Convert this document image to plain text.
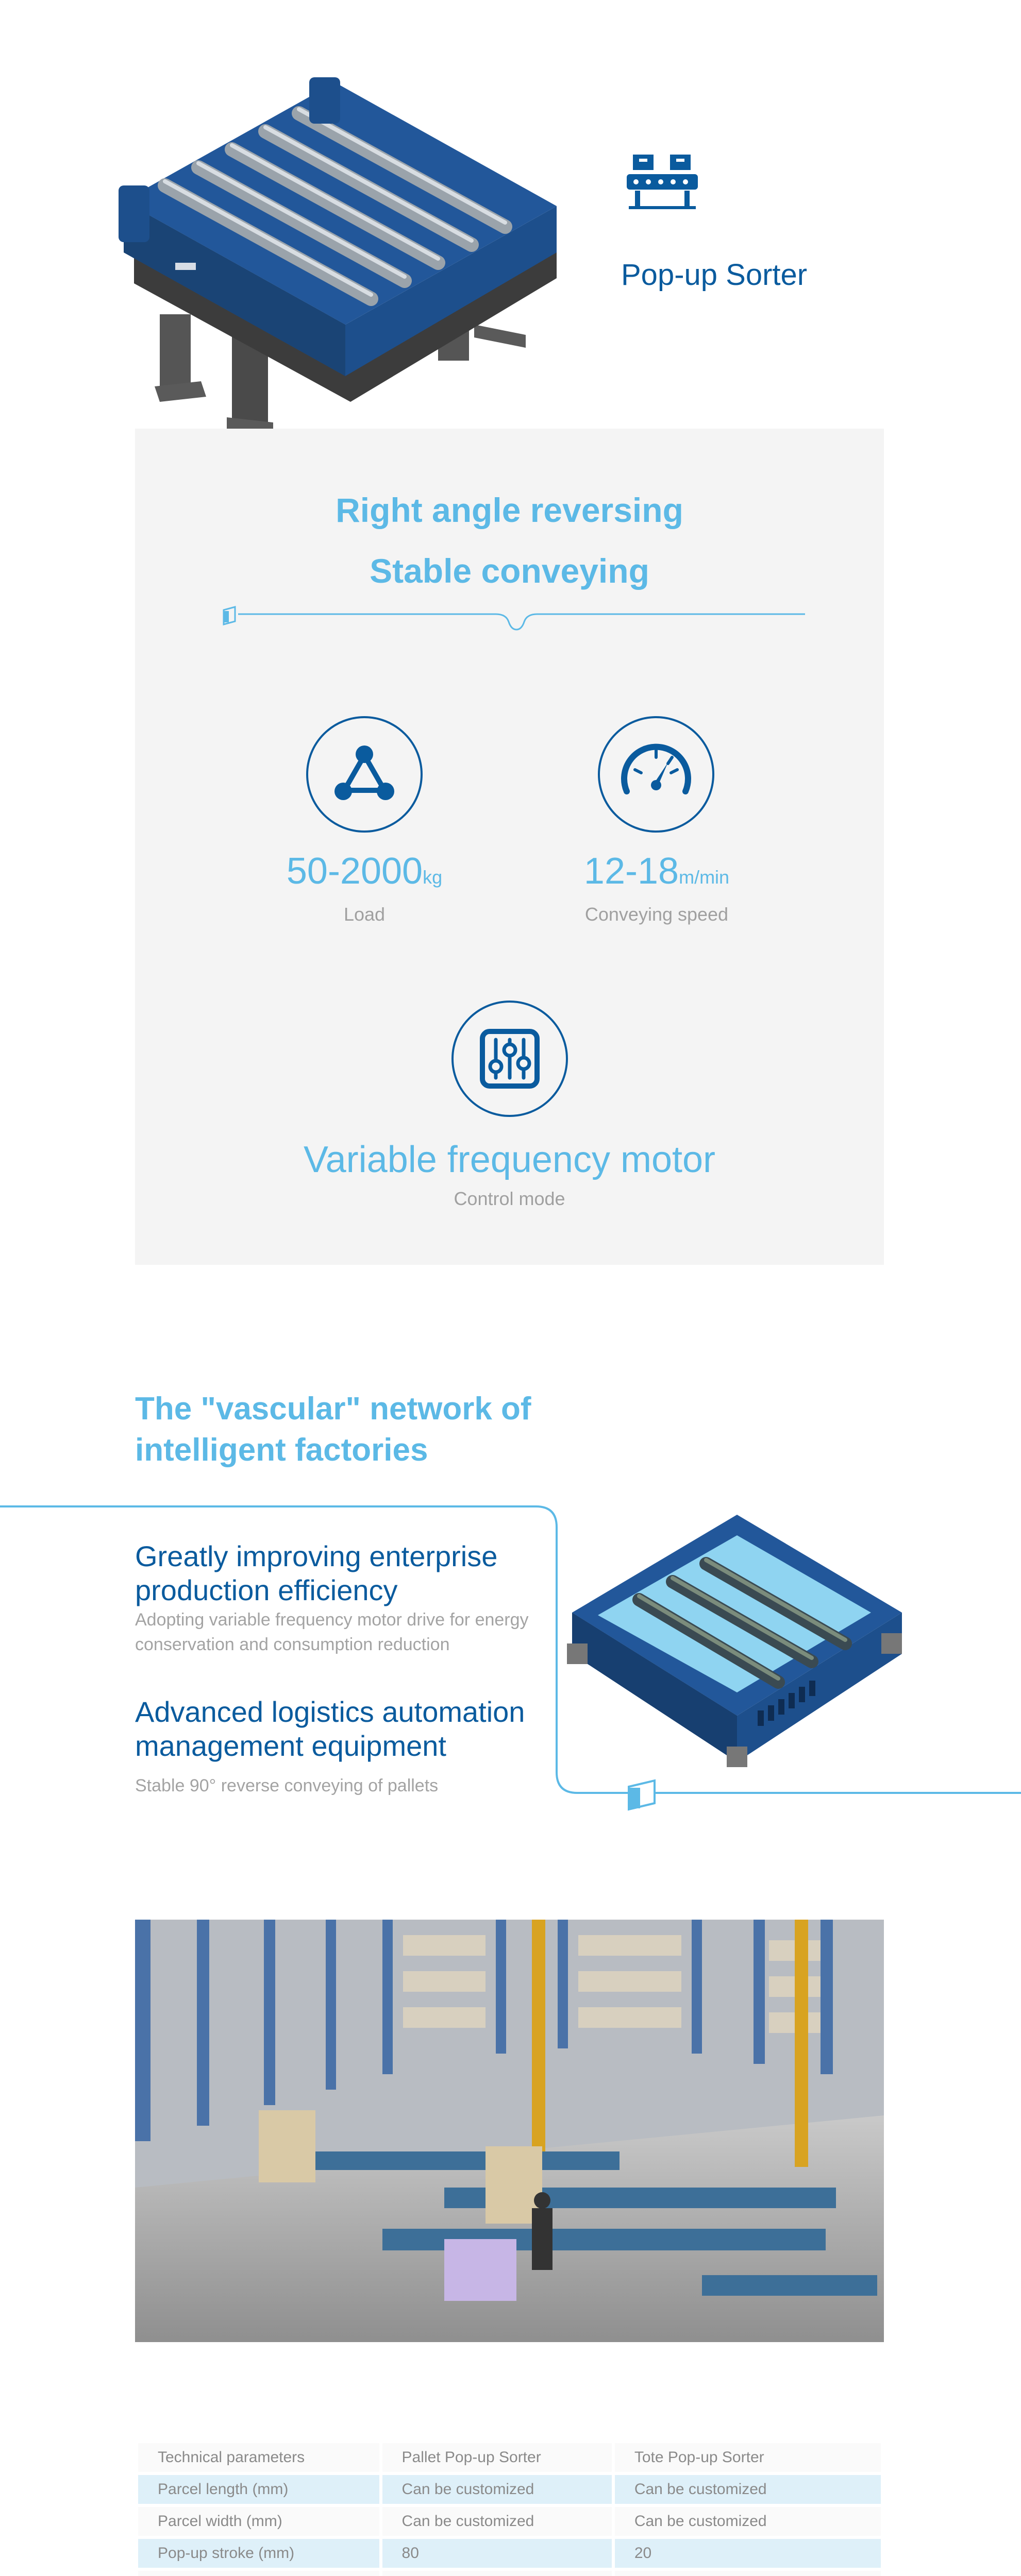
Pop-up Sorter
Right angle reversing
Stable conveying
50-2000kg
Load
12-18m/min
Conveying speed
Variable frequency motor
Control mode
The "vascular" network of intelligent factories
Greatly improving enterprise production efficiency
Adopting variable frequency motor drive for energy conservation and consumption reduction
Advanced logistics automation management equipment
Stable 90° reverse conveying of pallets
Technical parameters	Pallet Pop-up Sorter	Tote Pop-up Sorter
Parcel length (mm)	Can be customized	Can be customized
Parcel width (mm)	Can be customized	Can be customized
Pop-up stroke (mm)	80	20
